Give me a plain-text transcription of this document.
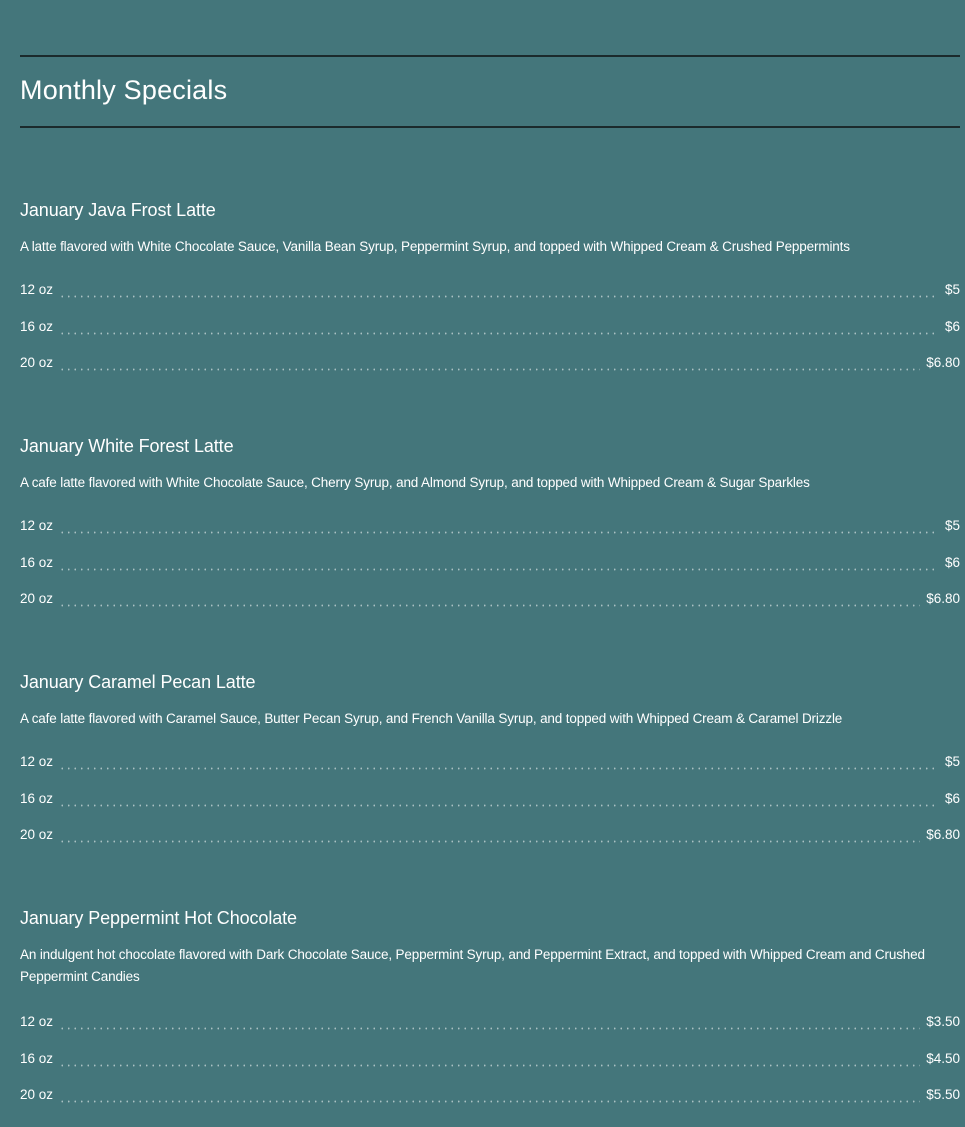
Monthly Specials
January Java Frost Latte
A latte flavored with White Chocolate Sauce, Vanilla Bean Syrup, Peppermint Syrup, and topped with Whipped Cream & Crushed Peppermints
12 oz	$5
16 oz	$6
20 oz	$6.80
January White Forest Latte
A cafe latte flavored with White Chocolate Sauce, Cherry Syrup, and Almond Syrup, and topped with Whipped Cream & Sugar Sparkles
12 oz	$5
16 oz	$6
20 oz	$6.80
January Caramel Pecan Latte
A cafe latte flavored with Caramel Sauce, Butter Pecan Syrup, and French Vanilla Syrup, and topped with Whipped Cream & Caramel Drizzle
12 oz	$5
16 oz	$6
20 oz	$6.80
January Peppermint Hot Chocolate
An indulgent hot chocolate flavored with Dark Chocolate Sauce, Peppermint Syrup, and Peppermint Extract, and topped with Whipped Cream and Crushed Peppermint Candies
12 oz	$3.50
16 oz	$4.50
20 oz	$5.50
